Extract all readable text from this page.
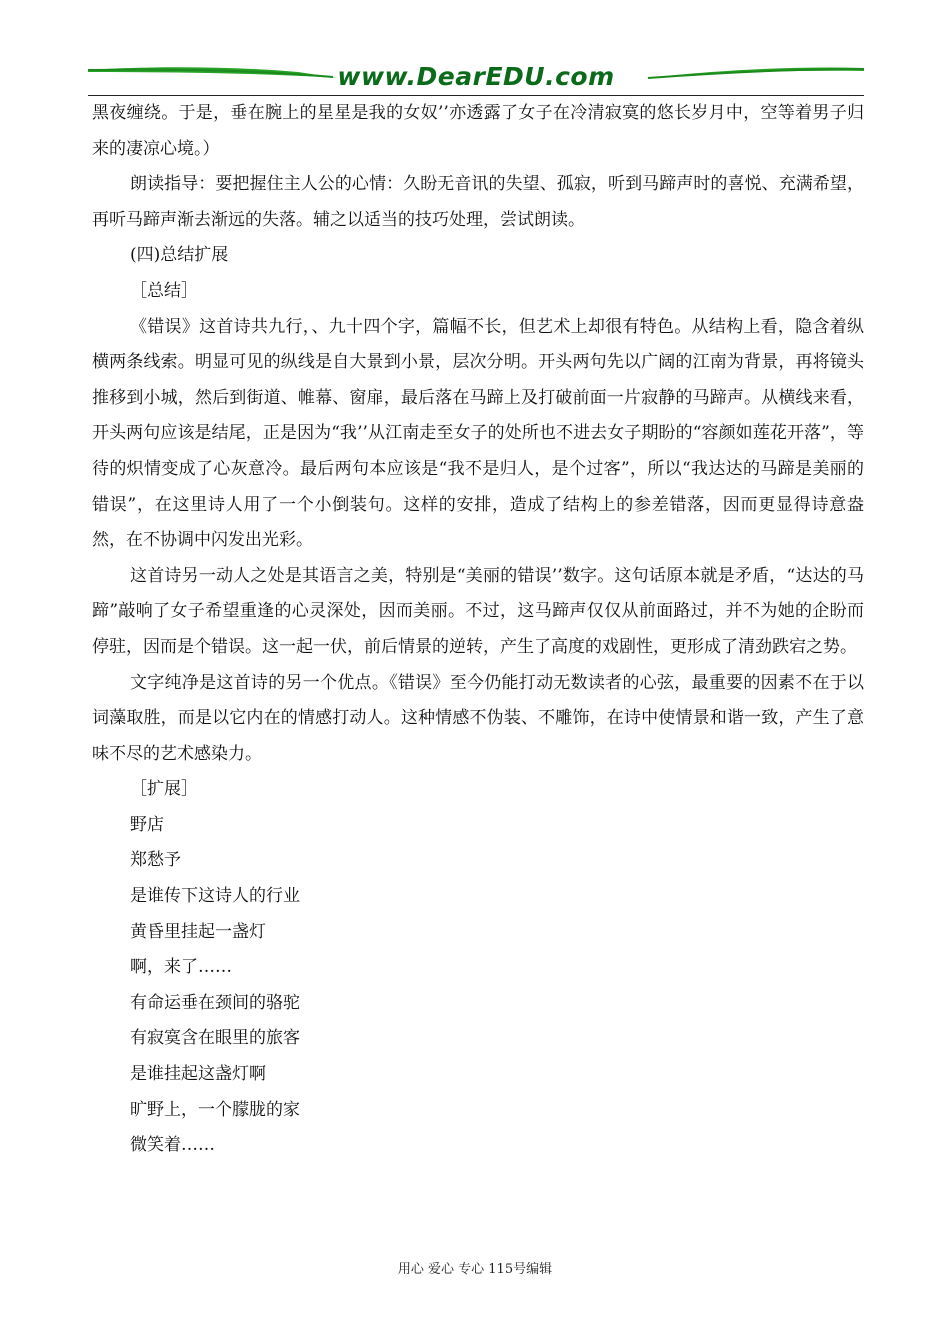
www.DearEDU.com

黑夜缠绕。于是，垂在腕上的星星是我的女奴’’亦透露了女子在冷清寂寞的悠长岁月中，空等着男子归来的凄凉心境。）

朗读指导：要把握住主人公的心情：久盼无音讯的失望、孤寂，听到马蹄声时的喜悦、充满希望，再听马蹄声渐去渐远的失落。辅之以适当的技巧处理，尝试朗读。

(四)总结扩展

［总结］

《错误》这首诗共九行，、九十四个字，篇幅不长，但艺术上却很有特色。从结构上看，隐含着纵横两条线索。明显可见的纵线是自大景到小景，层次分明。开头两句先以广阔的江南为背景，再将镜头推移到小城，然后到街道、帷幕、窗扉，最后落在马蹄上及打破前面一片寂静的马蹄声。从横线来看，开头两句应该是结尾，正是因为“我’’从江南走至女子的处所也不进去女子期盼的“容颜如莲花开落”，等待的炽情变成了心灰意冷。最后两句本应该是“我不是归人，是个过客”，所以“我达达的马蹄是美丽的错误”，在这里诗人用了一个小倒装句。这样的安排，造成了结构上的参差错落，因而更显得诗意盎然，在不协调中闪发出光彩。

这首诗另一动人之处是其语言之美，特别是“美丽的错误’’数字。这句话原本就是矛盾，“达达的马蹄”敲响了女子希望重逢的心灵深处，因而美丽。不过，这马蹄声仅仅从前面路过，并不为她的企盼而停驻，因而是个错误。这一起一伏，前后情景的逆转，产生了高度的戏剧性，更形成了清劲跌宕之势。

文字纯净是这首诗的另一个优点。《错误》至今仍能打动无数读者的心弦，最重要的因素不在于以词藻取胜，而是以它内在的情感打动人。这种情感不伪装、不雕饰，在诗中使情景和谐一致，产生了意味不尽的艺术感染力。

［扩展］

野店

郑愁予

是谁传下这诗人的行业

黄昏里挂起一盏灯

啊，来了……

有命运垂在颈间的骆驼

有寂寞含在眼里的旅客

是谁挂起这盏灯啊

旷野上，一个朦胧的家

微笑着……

用心 爱心 专心 115号编辑
